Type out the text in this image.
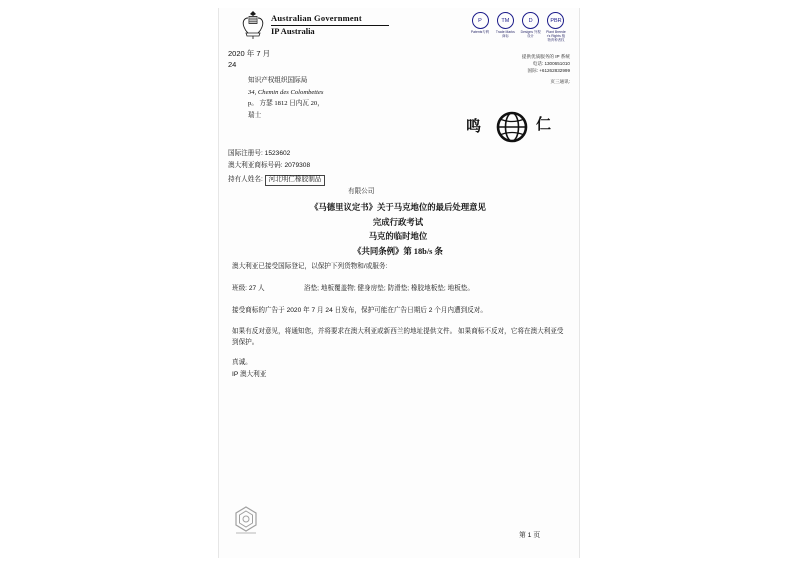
Australian Government
IP Australia
P
Patents专利
TM
Trade Marks 商标
D
Designs 外观设计
PBR
Plant Breeder's Rights 植物育种者权
提供优质服务的 IP 系统
电话: 1300651010
国际: +61262832999
页三通讯:
2020 年 7 月
24
知识产权组织国际局
34, Chemin des Colombettes
p。 方瑟 1812 日内瓦 20，
瑞士
鸣	仁
国际注册号: 1523602
澳大利亚商标号码: 2079308
持有人姓名: 河北明仁橡胶制品
有限公司
《马德里议定书》关于马克地位的最后处理意见
完成行政考试
马克的临时地位
《共同条例》第 18b/s 条
澳大利亚已接受国际登记，以保护下列货物和/或服务:
班级: 27 人	浴垫; 地板覆盖物; 健身房垫; 防滑垫; 橡胶地板垫; 地板垫。
接受商标的广告于 2020 年 7 月 24 日发布，保护可能在广告日期后 2 个月内遭到反对。
如果有反对意见，将通知您，并将要求在澳大利亚或新西兰的地址提供文件。 如果商标不反对，它将在澳大利亚受到保护。
真诚。
IP 澳大利亚
第 1 页
